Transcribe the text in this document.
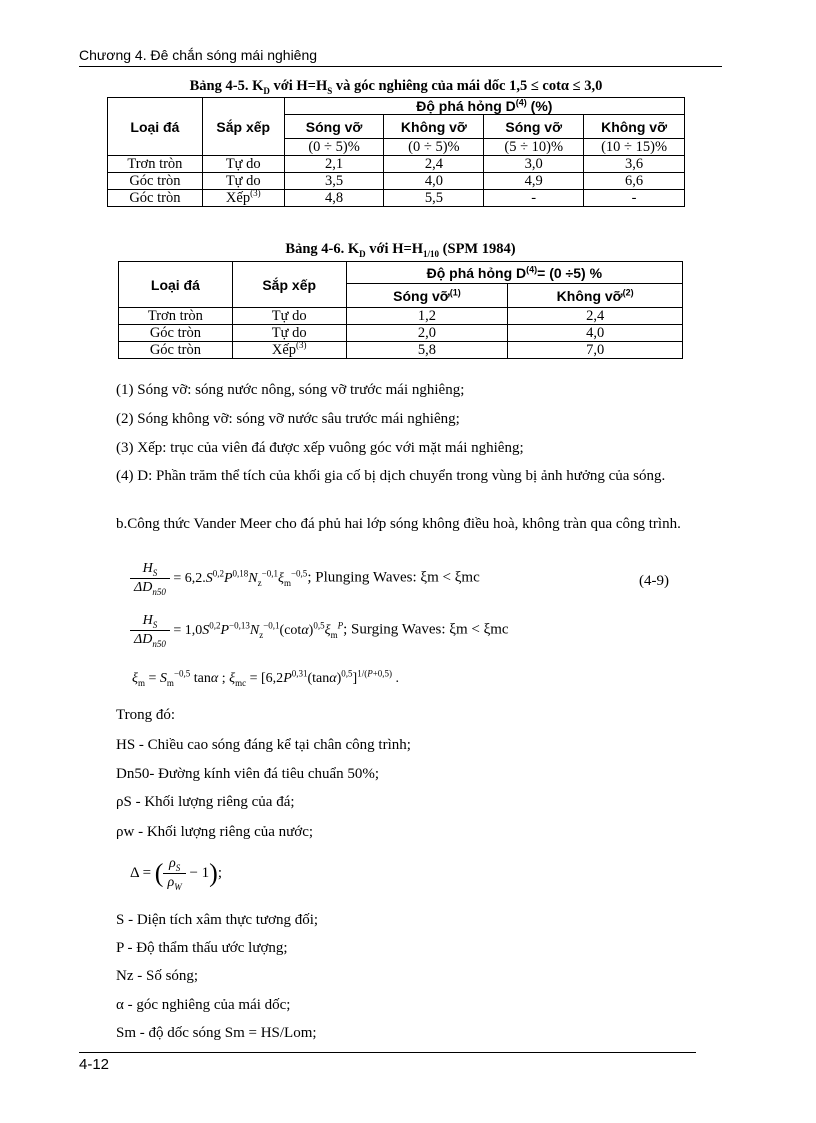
Chương 4. Đê chắn sóng mái nghiêng
Bảng 4-5. $K_D$ với $H=H_S$ và góc nghiêng của mái dốc 1,5 ≤ cotα ≤ 3,0
Loại đá	Sắp xếp	Độ phá hỏng $D^{(4)}$ (%)			
		Sóng vỡ	Không vỡ	Sóng vỡ	Không vỡ
		(0 ÷ 5)%	(0 ÷ 5)%	(5 ÷ 10)%	(10 ÷ 15)%
Trơn tròn	Tự do	2,1	2,4	3,0	3,6
Góc tròn	Tự do	3,5	4,0	4,9	6,6
Góc tròn	Xếp$^{(3)}$	4,8	5,5	-	-
Bảng 4-6. $K_D$ với $H=H_{1/10}$ (SPM 1984)
Loại đá	Sắp xếp	Độ phá hỏng $D^{(4)}= (0 \div 5)$ %	
		Sóng vỡ$^{(1)}$	Không vỡ$^{(2)}$
Trơn tròn	Tự do	1,2	2,4
Góc tròn	Tự do	2,0	4,0
Góc tròn	Xếp$^{(3)}$	5,8	7,0
(1) Sóng vỡ: sóng nước nông, sóng vỡ trước mái nghiêng;
(2) Sóng không vỡ: sóng vỡ nước sâu trước mái nghiêng;
(3) Xếp: trục của viên đá được xếp vuông góc với mặt mái nghiêng;
(4) D: Phần trăm thể tích của khối gia cố bị dịch chuyển trong vùng bị ảnh hưởng của sóng.
b.Công thức Vander Meer cho đá phủ hai lớp sóng không điều hoà, không tràn qua công trình.
$\frac{H_S}{\Delta D_{n50}} = 6,2.S^{0,2}P^{0,18}N_z^{-0,1}\xi_m^{-0,5}$; Plunging Waves: ξm < ξmc	(4-9)
$\frac{H_S}{\Delta D_{n50}} = 1,0S^{0,2}P^{-0,13}N_z^{-0,1}(\cot\alpha)^{0,5}\xi_m^P$; Surging Waves: ξm < ξmc
$\xi_m = S_m^{-0,5}$ tanα ; $\xi_{mc} = [6,2P^{0,31}(\tan\alpha)^{0,5}]^{1/(P+0,5)}$ .
Trong đó:
HS - Chiều cao sóng đáng kể tại chân công trình;
Dn50- Đường kính viên đá tiêu chuẩn 50%;
ρS - Khối lượng riêng của đá;
ρw - Khối lượng riêng của nước;
Δ = ( $\frac{\rho_S}{\rho_W} - 1$);
S - Diện tích xâm thực tương đối;
P - Độ thẩm thấu ước lượng;
Nz - Số sóng;
α - góc nghiêng của mái dốc;
Sm - độ dốc sóng Sm = HS/Lom;
4-12
